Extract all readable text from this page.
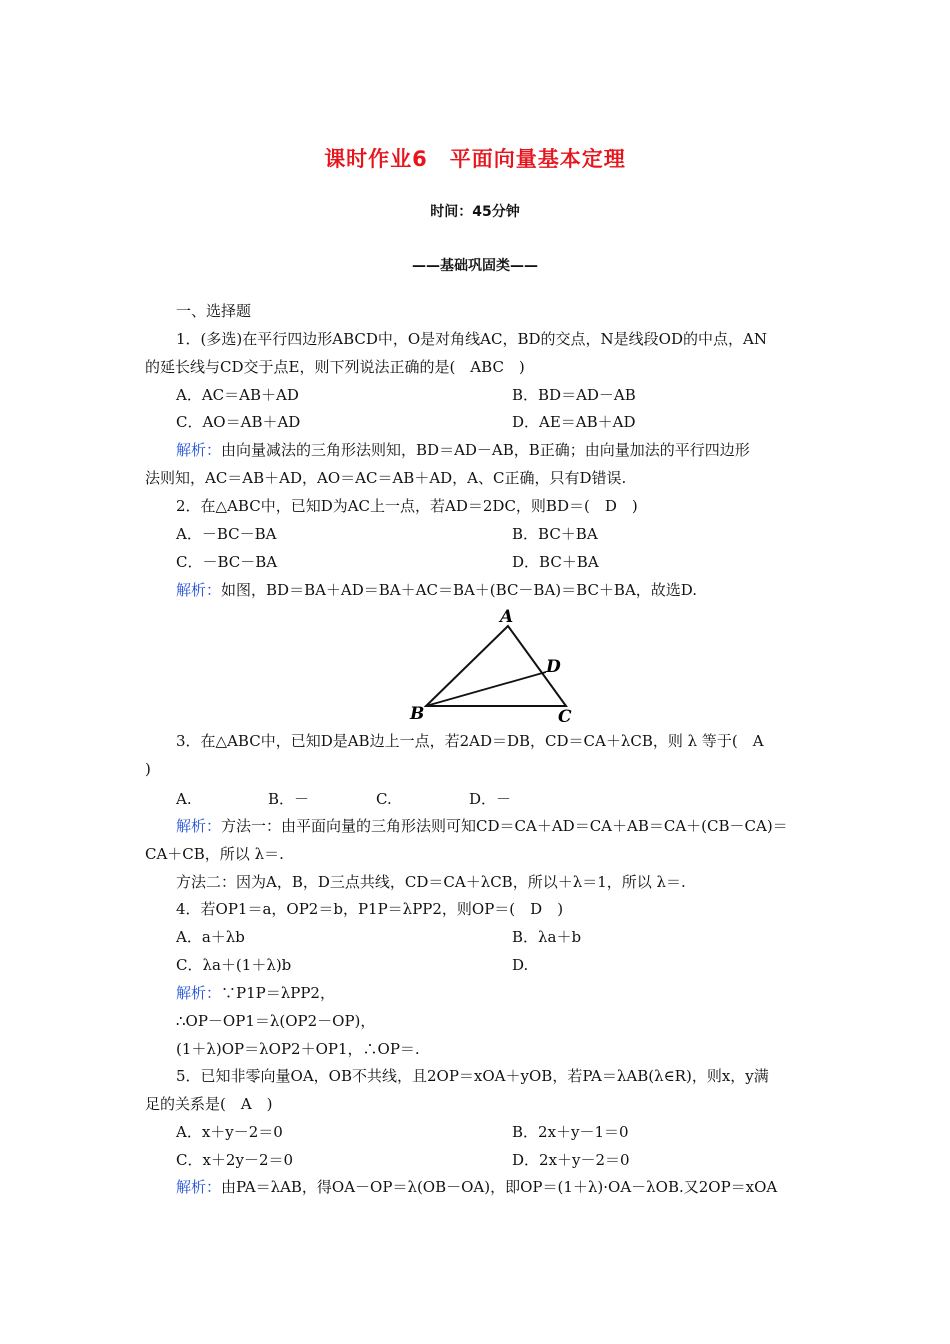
课时作业6　平面向量基本定理
时间：45分钟
——基础巩固类——
一、选择题
1．(多选)在平行四边形ABCD中，O是对角线AC，BD的交点，N是线段OD的中点，AN
的延长线与CD交于点E，则下列说法正确的是(　ABC　)
A．AC＝AB＋AD	B．BD＝AD－AB
C．AO＝AB＋AD	D．AE＝AB＋AD
解析：由向量减法的三角形法则知，BD＝AD－AB，B正确；由向量加法的平行四边形
法则知，AC＝AB＋AD，AO＝AC＝AB＋AD，A、C正确，只有D错误.
2．在△ABC中，已知D为AC上一点，若AD＝2DC，则BD＝(　D　)
A．－BC－BA	B．BC＋BA
C．－BC－BA	D．BC＋BA
解析：如图，BD＝BA＋AD＝BA＋AC＝BA＋(BC－BA)＝BC＋BA，故选D.
A
B	C
D
3．在△ABC中，已知D是AB边上一点，若2AD＝DB，CD＝CA＋λCB，则 λ 等于(　A
)
A.	B．－	C.	D．－
解析：方法一：由平面向量的三角形法则可知CD＝CA＋AD＝CA＋AB＝CA＋(CB－CA)＝
CA＋CB，所以 λ＝.
方法二：因为A，B，D三点共线，CD＝CA＋λCB，所以＋λ＝1，所以 λ＝.
4．若OP1＝a，OP2＝b，P1P＝λPP2，则OP＝(　D　)
A．a＋λb	B．λa＋b
C．λa＋(1＋λ)b	D.
解析：∵P1P＝λPP2，
∴OP－OP1＝λ(OP2－OP)，
(1＋λ)OP＝λOP2＋OP1，∴OP＝.
5．已知非零向量OA，OB不共线，且2OP＝xOA＋yOB，若PA＝λAB(λ∈R)，则x，y满
足的关系是(　A　)
A．x＋y－2＝0	B．2x＋y－1＝0
C．x＋2y－2＝0	D．2x＋y－2＝0
解析：由PA＝λAB，得OA－OP＝λ(OB－OA)，即OP＝(1＋λ)·OA－λOB.又2OP＝xOA
